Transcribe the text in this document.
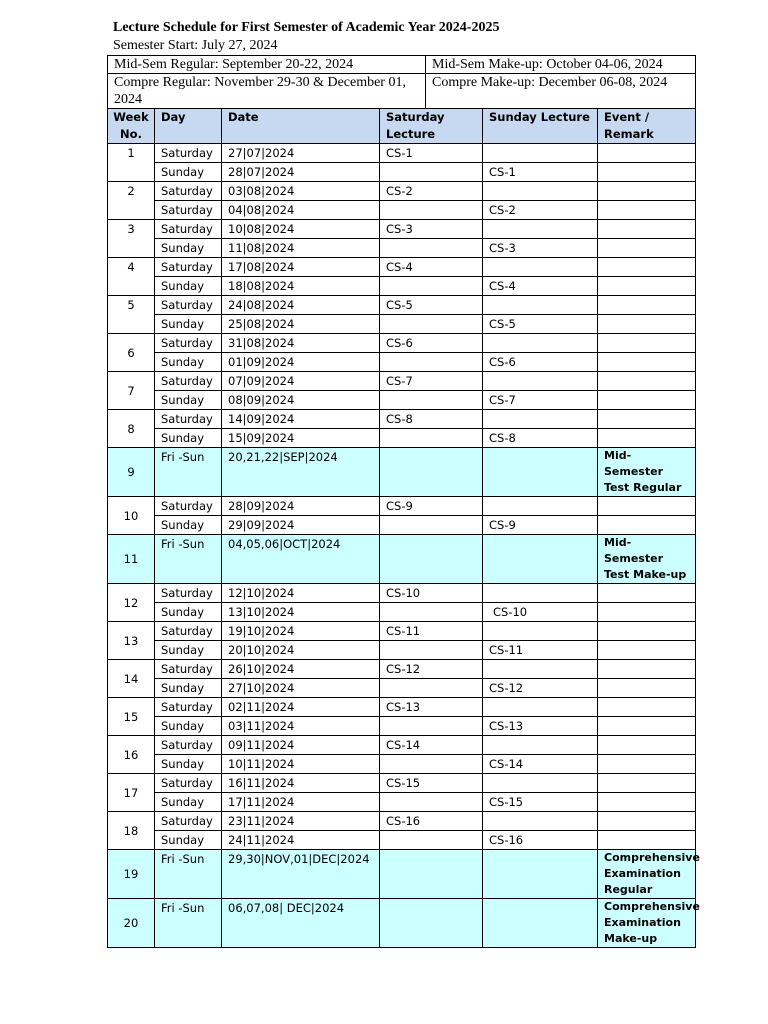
Lecture Schedule for First Semester of Academic Year 2024-2025
Semester Start: July 27, 2024
Mid-Sem Regular: September 20-22, 2024	Mid-Sem Make-up: October 04-06, 2024
Compre Regular: November 29-30 & December 01, 2024	Compre Make-up: December 06-08, 2024
Week No.	Day	Date	Saturday Lecture	Sunday Lecture	Event / Remark
1	Saturday	27|07|2024	CS-1		
	Sunday	28|07|2024		CS-1	
2	Saturday	03|08|2024	CS-2		
	Saturday	04|08|2024		CS-2	
3	Saturday	10|08|2024	CS-3		
	Sunday	11|08|2024		CS-3	
4	Saturday	17|08|2024	CS-4		
	Sunday	18|08|2024		CS-4	
5	Saturday	24|08|2024	CS-5		
	Sunday	25|08|2024		CS-5	
6	Saturday	31|08|2024	CS-6		
	Sunday	01|09|2024		CS-6	
7	Saturday	07|09|2024	CS-7		
	Sunday	08|09|2024		CS-7	
8	Saturday	14|09|2024	CS-8		
	Sunday	15|09|2024		CS-8	
9	Fri -Sun	20,21,22|SEP|2024			Mid-Semester Test Regular
10	Saturday	28|09|2024	CS-9		
	Sunday	29|09|2024		CS-9	
11	Fri -Sun	04,05,06|OCT|2024			Mid-Semester Test Make-up
12	Saturday	12|10|2024	CS-10		
	Sunday	13|10|2024		CS-10	
13	Saturday	19|10|2024	CS-11		
	Sunday	20|10|2024		CS-11	
14	Saturday	26|10|2024	CS-12		
	Sunday	27|10|2024		CS-12	
15	Saturday	02|11|2024	CS-13		
	Sunday	03|11|2024		CS-13	
16	Saturday	09|11|2024	CS-14		
	Sunday	10|11|2024		CS-14	
17	Saturday	16|11|2024	CS-15		
	Sunday	17|11|2024		CS-15	
18	Saturday	23|11|2024	CS-16		
	Sunday	24|11|2024		CS-16	
19	Fri -Sun	29,30|NOV,01|DEC|2024			Comprehensive Examination Regular
20	Fri -Sun	06,07,08| DEC|2024			Comprehensive Examination Make-up
